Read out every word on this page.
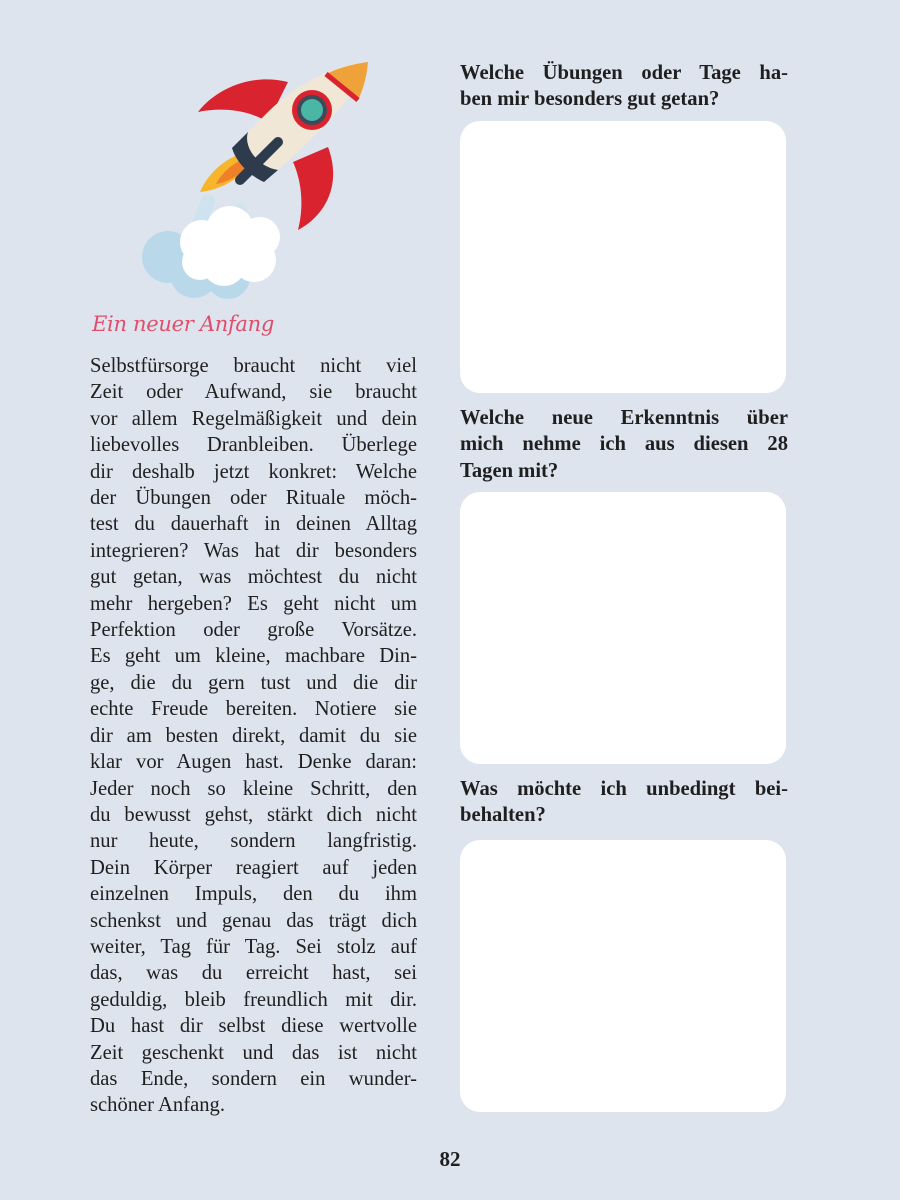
Ein neuer Anfang
Selbstfürsorge braucht nicht viel
Zeit oder Aufwand, sie braucht
vor allem Regelmäßigkeit und dein
liebevolles Dranbleiben. Überlege
dir deshalb jetzt konkret: Welche
der Übungen oder Rituale möch-
test du dauerhaft in deinen Alltag
integrieren? Was hat dir besonders
gut getan, was möchtest du nicht
mehr hergeben? Es geht nicht um
Perfektion oder große Vorsätze.
Es geht um kleine, machbare Din-
ge, die du gern tust und die dir
echte Freude bereiten. Notiere sie
dir am besten direkt, damit du sie
klar vor Augen hast. Denke daran:
Jeder noch so kleine Schritt, den
du bewusst gehst, stärkt dich nicht
nur heute, sondern langfristig.
Dein Körper reagiert auf jeden
einzelnen Impuls, den du ihm
schenkst und genau das trägt dich
weiter, Tag für Tag. Sei stolz auf
das, was du erreicht hast, sei
geduldig, bleib freundlich mit dir.
Du hast dir selbst diese wertvolle
Zeit geschenkt und das ist nicht
das Ende, sondern ein wunder-
schöner Anfang.
Welche Übungen oder Tage ha-
ben mir besonders gut getan?
Welche neue Erkenntnis über
mich nehme ich aus diesen 28
Tagen mit?
Was möchte ich unbedingt bei-
behalten?
82
